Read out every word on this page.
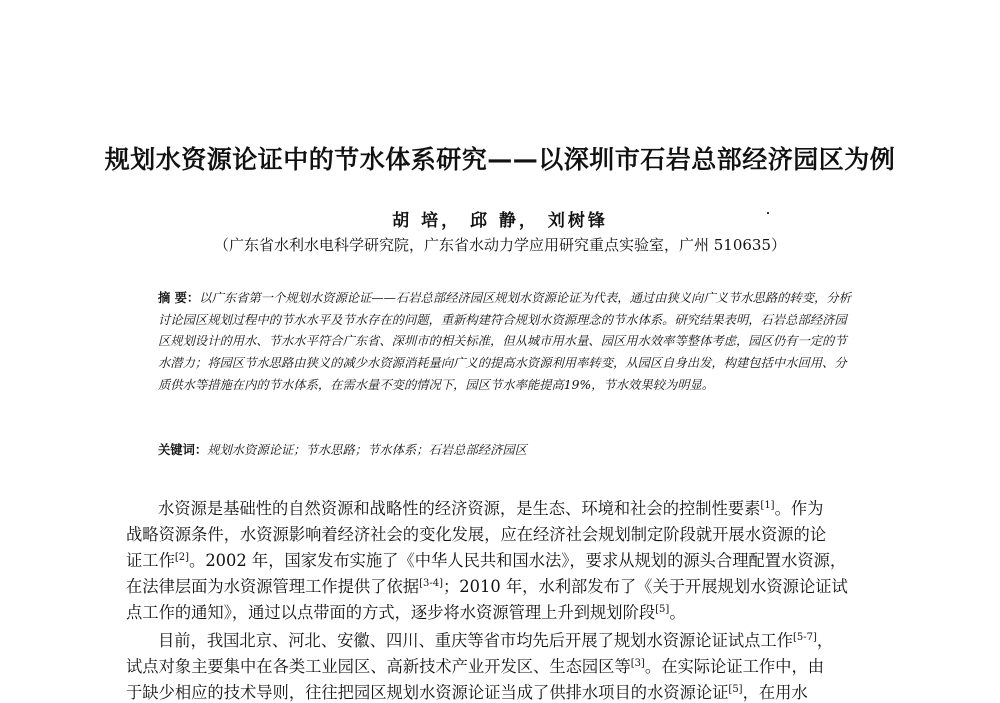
规划水资源论证中的节水体系研究——以深圳市石岩总部经济园区为例
胡 培， 邱 静， 刘树锋
（广东省水利水电科学研究院，广东省水动力学应用研究重点实验室，广州 510635）
摘 要：以广东省第一个规划水资源论证——石岩总部经济园区规划水资源论证为代表，通过由狭义向广义节水思路的转变，分析讨论园区规划过程中的节水水平及节水存在的问题，重新构建符合规划水资源理念的节水体系。研究结果表明，石岩总部经济园区规划设计的用水、节水水平符合广东省、深圳市的相关标准，但从城市用水量、园区用水效率等整体考虑，园区仍有一定的节水潜力；将园区节水思路由狭义的减少水资源消耗量向广义的提高水资源利用率转变，从园区自身出发，构建包括中水回用、分质供水等措施在内的节水体系，在需水量不变的情况下，园区节水率能提高19%，节水效果较为明显。
关键词：规划水资源论证；节水思路；节水体系；石岩总部经济园区
水资源是基础性的自然资源和战略性的经济资源，是生态、环境和社会的控制性要素[1]。作为
战略资源条件，水资源影响着经济社会的变化发展，应在经济社会规划制定阶段就开展水资源的论
证工作[2]。2002 年，国家发布实施了《中华人民共和国水法》，要求从规划的源头合理配置水资源，
在法律层面为水资源管理工作提供了依据[3-4]；2010 年，水利部发布了《关于开展规划水资源论证试
点工作的通知》，通过以点带面的方式，逐步将水资源管理上升到规划阶段[5]。
目前，我国北京、河北、安徽、四川、重庆等省市均先后开展了规划水资源论证试点工作[5-7]，
试点对象主要集中在各类工业园区、高新技术产业开发区、生态园区等[3]。在实际论证工作中，由
于缺少相应的技术导则，往往把园区规划水资源论证当成了供排水项目的水资源论证[5]，在用水
